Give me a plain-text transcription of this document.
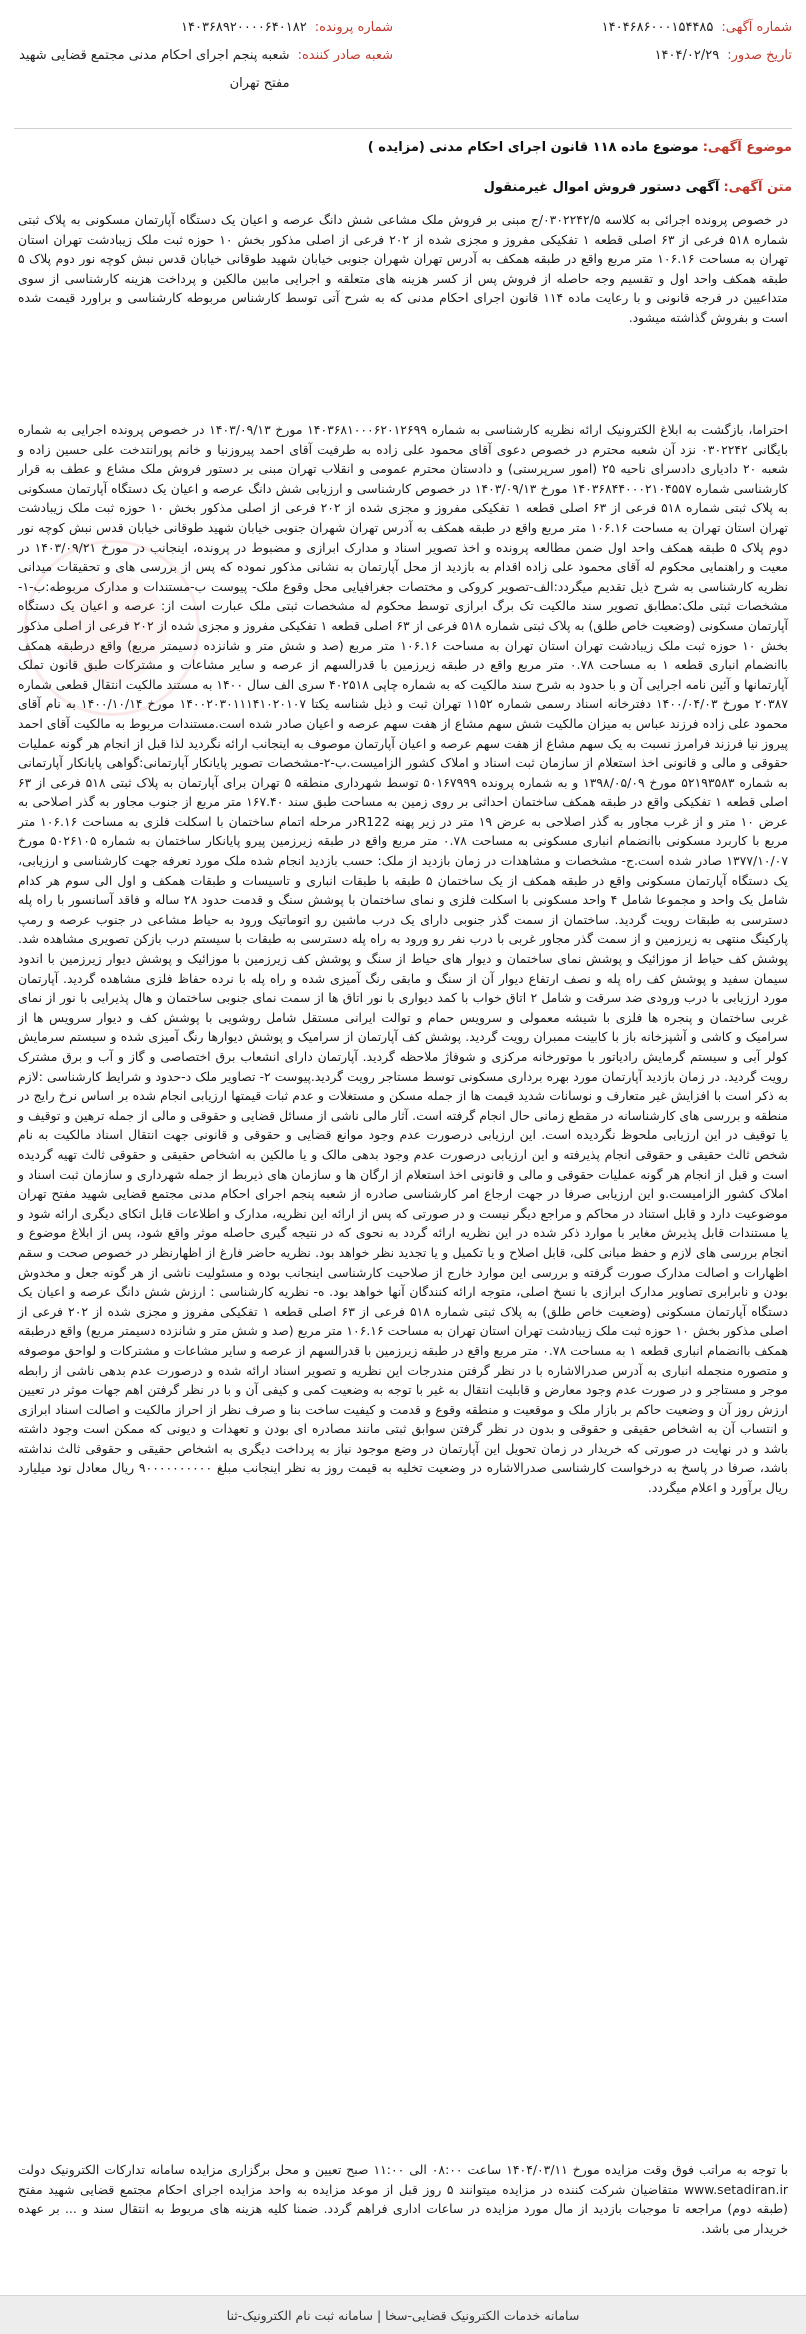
شماره آگهی:
۱۴۰۴۶۸۶۰۰۰۱۵۴۴۸۵
شماره پرونده:
۱۴۰۳۶۸۹۲۰۰۰۰۶۴۰۱۸۲
تاریخ صدور:
۱۴۰۴/۰۲/۲۹
شعبه صادر کننده:
شعبه پنجم اجرای احکام مدنی مجتمع قضایی شهید مفتح تهران
موضوع آگهی: موضوع ماده ۱۱۸ قانون اجرای احکام مدنی (مزایده )
متن آگهی: آگهی دستور فروش اموال غیرمنقول

در خصوص پرونده اجرائی به کلاسه ۰۳۰۲۲۴۲/۵/ج مبنی بر فروش ملک مشاعی شش دانگ عرصه و اعیان یک دستگاه آپارتمان مسکونی به پلاک ثبتی شماره ۵۱۸ فرعی از ۶۳ اصلی قطعه ۱ تفکیکی مفروز و مجزی شده از ۲۰۲ فرعی از اصلی مذکور بخش ۱۰ حوزه ثبت ملک زیبادشت تهران استان تهران به مساحت ۱۰۶.۱۶ متر مربع واقع در طبقه همکف به آدرس تهران شهران جنوبی خیابان شهید طوقانی خیابان قدس نبش کوچه نور دوم پلاک ۵ طبقه همکف واحد اول و تقسیم وجه حاصله از فروش پس از کسر هزینه های متعلقه و اجرایی مابین مالکین و پرداخت هزینه کارشناسی از سوی متداعیین در فرجه قانونی و با رعایت ماده ۱۱۴ قانون اجرای احکام مدنی که به شرح آتی توسط کارشناس مربوطه کارشناسی و براورد قیمت شده است و بفروش گذاشته میشود.

احتراما، بازگشت به ابلاغ الکترونیک ارائه نظریه کارشناسی به شماره ۱۴۰۳۶۸۱۰۰۰۶۲۰۱۲۶۹۹ مورخ ۱۴۰۳/۰۹/۱۳ در خصوص پرونده اجرایی به شماره بایگانی ۰۳۰۲۲۴۲ نزد آن شعبه محترم در خصوص دعوی آقای محمود علی زاده به طرفیت آقای احمد پیروزنیا و خانم پورانتدخت علی حسین زاده و شعبه ۲۰ دادیاری دادسرای ناحیه ۲۵ (امور سرپرستی) و دادستان محترم عمومی و انقلاب تهران مبنی بر دستور فروش ملک مشاع و عطف به قرار کارشناسی شماره ۱۴۰۳۶۸۴۴۰۰۰۲۱۰۴۵۵۷ مورخ ۱۴۰۳/۰۹/۱۳ در خصوص کارشناسی و ارزیابی شش دانگ عرصه و اعیان یک دستگاه آپارتمان مسکونی به پلاک ثبتی شماره ۵۱۸ فرعی از ۶۳ اصلی قطعه ۱ تفکیکی مفروز و مجزی شده از ۲۰۲ فرعی از اصلی مذکور بخش ۱۰ حوزه ثبت ملک زیبادشت تهران استان تهران به مساحت ۱۰۶.۱۶ متر مربع واقع در طبقه همکف به آدرس تهران شهران جنوبی خیابان شهید طوقانی خیابان قدس نبش کوچه نور دوم پلاک ۵ طبقه همکف واحد اول ضمن مطالعه پرونده و اخذ تصویر اسناد و مدارک ابرازی و مضبوط در پرونده، اینجانب در مورخ ۱۴۰۳/۰۹/۲۱ در معیت و راهنمایی محکوم له آقای محمود علی زاده اقدام به بازدید از محل آپارتمان به نشانی مذکور نموده که پس از بررسی های و تحقیقات میدانی نظریه کارشناسی به شرح ذیل تقدیم میگردد:الف-تصویر کروکی و مختصات جغرافیایی محل وقوع ملک- پیوست ب-مستندات و مدارک مربوطه:ب-۱- مشخصات ثبتی ملک:مطابق تصویر سند مالکیت تک برگ ابرازی توسط محکوم له مشخصات ثبتی ملک عبارت است از: عرصه و اعیان یک دستگاه آپارتمان مسکونی (وضعیت خاص طلق) به پلاک ثبتی شماره ۵۱۸ فرعی از ۶۳ اصلی قطعه ۱ تفکیکی مفروز و مجزی شده از ۲۰۲ فرعی از اصلی مذکور بخش ۱۰ حوزه ثبت ملک زیبادشت تهران استان تهران به مساحت ۱۰۶.۱۶ متر مربع (صد و شش متر و شانزده دسیمتر مربع) واقع درطبقه همکف باانضمام انباری قطعه ۱ به مساحت ۰.۷۸ متر مربع واقع در طبقه زیرزمین با قدرالسهم از عرصه و سایر مشاعات و مشترکات طبق قانون تملک آپارتمانها و آئین نامه اجرایی آن و با حدود به شرح سند مالکیت که به شماره چاپی ۴۰۲۵۱۸ سری الف سال ۱۴۰۰ به مستند مالکیت انتقال قطعی شماره ۲۰۳۸۷ مورخ ۱۴۰۰/۰۴/۰۳ دفترخانه اسناد رسمی شماره ۱۱۵۲ تهران ثبت و ذیل شناسه یکتا ۱۴۰۰۲۰۳۰۱۱۱۴۱۰۲۰۱۰۷ مورخ ۱۴۰۰/۱۰/۱۴ به نام آقای محمود علی زاده فرزند عباس به میزان مالکیت شش سهم مشاع از هفت سهم عرصه و اعیان صادر شده است.مستندات مربوط به مالکیت آقای احمد پیروز نیا فرزند فرامرز نسبت به یک سهم مشاع از هفت سهم عرصه و اعیان آپارتمان موصوف به اینجانب ارائه نگردید لذا قبل از انجام هر گونه عملیات حقوقی و مالی و قانونی اخذ استعلام از سازمان ثبت اسناد و املاک کشور الزامیست.ب-۲-مشخصات تصویر پایانکار آپارتمانی:گواهی پایانکار آپارتمانی به شماره ۵۲۱۹۳۵۸۳ مورخ ۱۳۹۸/۰۵/۰۹ و به شماره پرونده ۵۰۱۶۷۹۹۹ توسط شهرداری منطقه ۵ تهران برای آپارتمان به پلاک ثبتی ۵۱۸ فرعی از ۶۳ اصلی قطعه ۱ تفکیکی واقع در طبقه همکف ساختمان احداثی بر روی زمین به مساحت طبق سند ۱۶۷.۴۰ متر مربع از جنوب مجاور به گذر اصلاحی به عرض ۱۰ متر و از غرب مجاور به گذر اصلاحی به عرض ۱۹ متر در زیر پهنه R122در مرحله اتمام ساختمان با اسکلت فلزی به مساحت ۱۰۶.۱۶ متر مربع با کاربرد مسکونی باانضمام انباری مسکونی به مساحت ۰.۷۸ متر مربع واقع در طبقه زیرزمین پیرو پایانکار ساختمان به شماره ۵۰۲۶۱۰۵ مورخ ۱۳۷۷/۱۰/۰۷ صادر شده است.ج- مشخصات و مشاهدات در زمان بازدید از ملک: حسب بازدید انجام شده ملک مورد تعرفه جهت کارشناسی و ارزیابی، یک دستگاه آپارتمان مسکونی واقع در طبقه همکف از یک ساختمان ۵ طبقه با طبقات انباری و تاسیسات و طبقات همکف و اول الی سوم هر کدام شامل یک واحد و مجموعا شامل ۴ واحد مسکونی با اسکلت فلزی و نمای ساختمان با پوشش سنگ و قدمت حدود ۲۸ ساله و فاقد آسانسور با راه پله دسترسی به طبقات رویت گردید. ساختمان از سمت گذر جنوبی دارای یک درب ماشین رو اتوماتیک ورود به حیاط مشاعی در جنوب عرصه و رمپ پارکینگ منتهی به زیرزمین و از سمت گذر مجاور غربی با درب نفر رو ورود به راه پله دسترسی به طبقات با سیستم درب بازکن تصویری مشاهده شد. پوشش کف حیاط از موزائیک و پوشش نمای ساختمان و دیوار های حیاط از سنگ و پوشش کف زیرزمین با موزائیک و پوشش دیوار زیرزمین با اندود سیمان سفید و پوشش کف راه پله و نصف ارتفاع دیوار آن از سنگ و مابقی رنگ آمیزی شده و راه پله با نرده حفاظ فلزی مشاهده گردید. آپارتمان مورد ارزیابی با درب ورودی ضد سرقت و شامل ۲ اتاق خواب با کمد دیواری با نور اتاق ها از سمت نمای جنوبی ساختمان و هال پذیرایی با نور از نمای غربی ساختمان و پنجره ها فلزی با شیشه معمولی و سرویس حمام و توالت ایرانی مستقل شامل روشویی با پوشش کف و دیوار سرویس ها از سرامیک و کاشی و آشپزخانه باز با کابینت ممبران رویت گردید. پوشش کف آپارتمان از سرامیک و پوشش دیوارها رنگ آمیزی شده و سیستم سرمایش کولر آبی و سیستم گرمایش رادیاتور با موتورخانه مرکزی و شوفاژ ملاحظه گردید. آپارتمان دارای انشعاب برق اختصاصی و گاز و آب و برق مشترک رویت گردید. در زمان بازدید آپارتمان مورد بهره برداری مسکونی توسط مستاجر رویت گردید.پیوست ۲- تصاویر ملک د-حدود و شرایط کارشناسی :لازم به ذکر است با افزایش غیر متعارف و نوسانات شدید قیمت ها از جمله مسکن و مستغلات و عدم ثبات قیمتها ارزیابی انجام شده بر اساس نرخ رایج در منطقه و بررسی های کارشناسانه در مقطع زمانی حال انجام گرفته است. آثار مالی ناشی از مسائل قضایی و حقوقی و مالی از جمله ترهین و توقیف و یا توقیف در این ارزیابی ملحوظ نگردیده است. این ارزیابی درصورت عدم وجود موانع قضایی و حقوقی و قانونی جهت انتقال اسناد مالکیت به نام شخص ثالث حقیقی و حقوقی انجام پذیرفته و این ارزیابی درصورت عدم وجود بدهی مالک و یا مالکین به اشخاص حقیقی و حقوقی ثالث تهیه گردیده است و قبل از انجام هر گونه عملیات حقوقی و مالی و قانونی اخذ استعلام از ارگان ها و سازمان های ذیربط از جمله شهرداری و سازمان ثبت اسناد و املاک کشور الزامیست.و این ارزیابی صرفا در جهت ارجاع امر کارشناسی صادره از شعبه پنجم اجرای احکام مدنی مجتمع قضایی شهید مفتح تهران موضوعیت دارد و قابل استناد در محاکم و مراجع دیگر نیست و در صورتی که پس از ارائه این نظریه، مدارک و اطلاعات قابل اتکای دیگری ارائه شود و یا مستندات قابل پذیرش مغایر با موارد ذکر شده در این نظریه ارائه گردد به نحوی که در نتیجه گیری حاصله موثر واقع شود، پس از ابلاغ موضوع و انجام بررسی های لازم و حفظ مبانی کلی، قابل اصلاح و یا تکمیل و یا تجدید نظر خواهد بود. نظریه حاضر فارغ از اظهارنظر در خصوص صحت و سقم اظهارات و اصالت مدارک صورت گرفته و بررسی این موارد خارج از صلاحیت کارشناسی اینجانب بوده و مسئولیت ناشی از هر گونه جعل و مخدوش بودن و نابرابری تصاویر مدارک ابرازی با نسخ اصلی، متوجه ارائه کنندگان آنها خواهد بود. ه- نظریه کارشناسی : ارزش شش دانگ عرصه و اعیان یک دستگاه آپارتمان مسکونی (وضعیت خاص طلق) به پلاک ثبتی شماره ۵۱۸ فرعی از ۶۳ اصلی قطعه ۱ تفکیکی مفروز و مجزی شده از ۲۰۲ فرعی از اصلی مذکور بخش ۱۰ حوزه ثبت ملک زیبادشت تهران استان تهران به مساحت ۱۰۶.۱۶ متر مربع (صد و شش متر و شانزده دسیمتر مربع) واقع درطبقه همکف باانضمام انباری قطعه ۱ به مساحت ۰.۷۸ متر مربع واقع در طبقه زیرزمین با قدرالسهم از عرصه و سایر مشاعات و مشترکات و لواحق موصوفه و متصوره منجمله انباری به آدرس صدرالاشاره با در نظر گرفتن مندرجات این نظریه و تصویر اسناد ارائه شده و درصورت عدم بدهی ناشی از رابطه موجر و مستاجر و در صورت عدم وجود معارض و قابلیت انتقال به غیر با توجه به وضعیت کمی و کیفی آن و با در نظر گرفتن اهم جهات موثر در تعیین ارزش روز آن و وضعیت حاکم بر بازار ملک و موقعیت و منطقه وقوع و قدمت و کیفیت ساخت بنا و صرف نظر از احراز مالکیت و اصالت اسناد ابرازی و انتساب آن به اشخاص حقیقی و حقوقی و بدون در نظر گرفتن سوابق ثبتی مانند مصادره ای بودن و تعهدات و دیونی که ممکن است وجود داشته باشد و در نهایت در صورتی که خریدار در زمان تحویل این آپارتمان در وضع موجود نیاز به پرداخت دیگری به اشخاص حقیقی و حقوقی ثالث نداشته باشد، صرفا در پاسخ به درخواست کارشناسی صدرالاشاره در وضعیت تخلیه به قیمت روز به نظر اینجانب مبلغ ۹۰۰۰۰۰۰۰۰۰۰ ریال معادل نود میلیارد ریال برآورد و اعلام میگردد.

با توجه به مراتب فوق وقت مزایده مورخ ۱۴۰۴/۰۳/۱۱ ساعت ۰۸:۰۰ الی ۱۱:۰۰ صبح تعیین و محل برگزاری مزایده سامانه تدارکات الکترونیک دولت www.setadiran.ir متقاضیان شرکت کننده در مزایده میتوانند ۵ روز قبل از موعد مزایده به واحد مزایده اجرای احکام مجتمع قضایی شهید مفتح (طبقه دوم) مراجعه تا موجبات بازدید از مال مورد مزایده در ساعات اداری فراهم گردد. ضمنا کلیه هزینه های مربوط به انتقال سند و ... بر عهده خریدار می باشد.

سامانه خدمات الکترونیک قضایی-سخا | سامانه ثبت نام الکترونیک-ثنا
